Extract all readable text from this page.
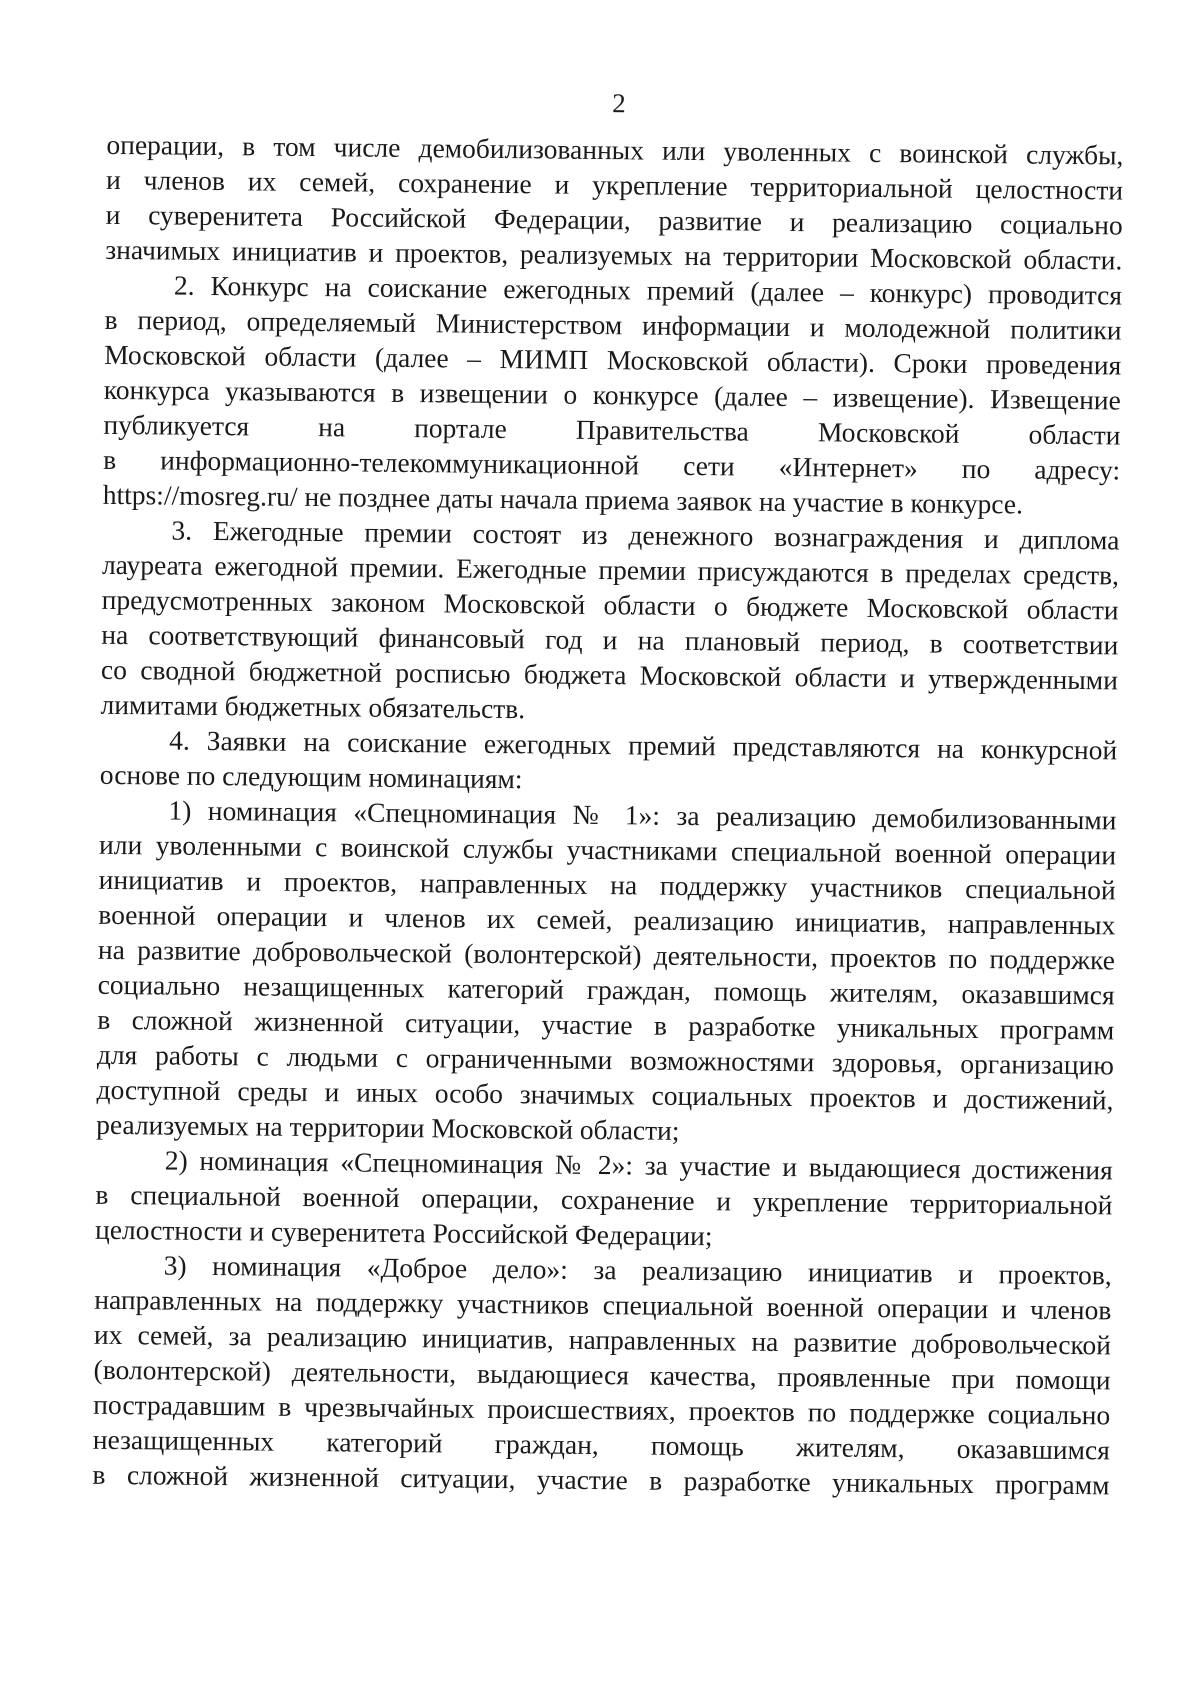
2
операции, в том числе демобилизованных или уволенных с воинской службы,
и членов их семей, сохранение и укрепление территориальной целостности
и суверенитета Российской Федерации, развитие и реализацию социально
значимых инициатив и проектов, реализуемых на территории Московской области.
2. Конкурс на соискание ежегодных премий (далее – конкурс) проводится
в период, определяемый Министерством информации и молодежной политики
Московской области (далее – МИМП Московской области). Сроки проведения
конкурса указываются в извещении о конкурсе (далее – извещение). Извещение
публикуется на портале Правительства Московской области
в информационно-телекоммуникационной сети «Интернет» по адресу:
https://mosreg.ru/ не позднее даты начала приема заявок на участие в конкурсе.
3. Ежегодные премии состоят из денежного вознаграждения и диплома
лауреата ежегодной премии. Ежегодные премии присуждаются в пределах средств,
предусмотренных законом Московской области о бюджете Московской области
на соответствующий финансовый год и на плановый период, в соответствии
со сводной бюджетной росписью бюджета Московской области и утвержденными
лимитами бюджетных обязательств.
4. Заявки на соискание ежегодных премий представляются на конкурсной
основе по следующим номинациям:
1) номинация «Спецноминация № 1»: за реализацию демобилизованными
или уволенными с воинской службы участниками специальной военной операции
инициатив и проектов, направленных на поддержку участников специальной
военной операции и членов их семей, реализацию инициатив, направленных
на развитие добровольческой (волонтерской) деятельности, проектов по поддержке
социально незащищенных категорий граждан, помощь жителям, оказавшимся
в сложной жизненной ситуации, участие в разработке уникальных программ
для работы с людьми с ограниченными возможностями здоровья, организацию
доступной среды и иных особо значимых социальных проектов и достижений,
реализуемых на территории Московской области;
2) номинация «Спецноминация № 2»: за участие и выдающиеся достижения
в специальной военной операции, сохранение и укрепление территориальной
целостности и суверенитета Российской Федерации;
3) номинация «Доброе дело»: за реализацию инициатив и проектов,
направленных на поддержку участников специальной военной операции и членов
их семей, за реализацию инициатив, направленных на развитие добровольческой
(волонтерской) деятельности, выдающиеся качества, проявленные при помощи
пострадавшим в чрезвычайных происшествиях, проектов по поддержке социально
незащищенных категорий граждан, помощь жителям, оказавшимся
в сложной жизненной ситуации, участие в разработке уникальных программ
